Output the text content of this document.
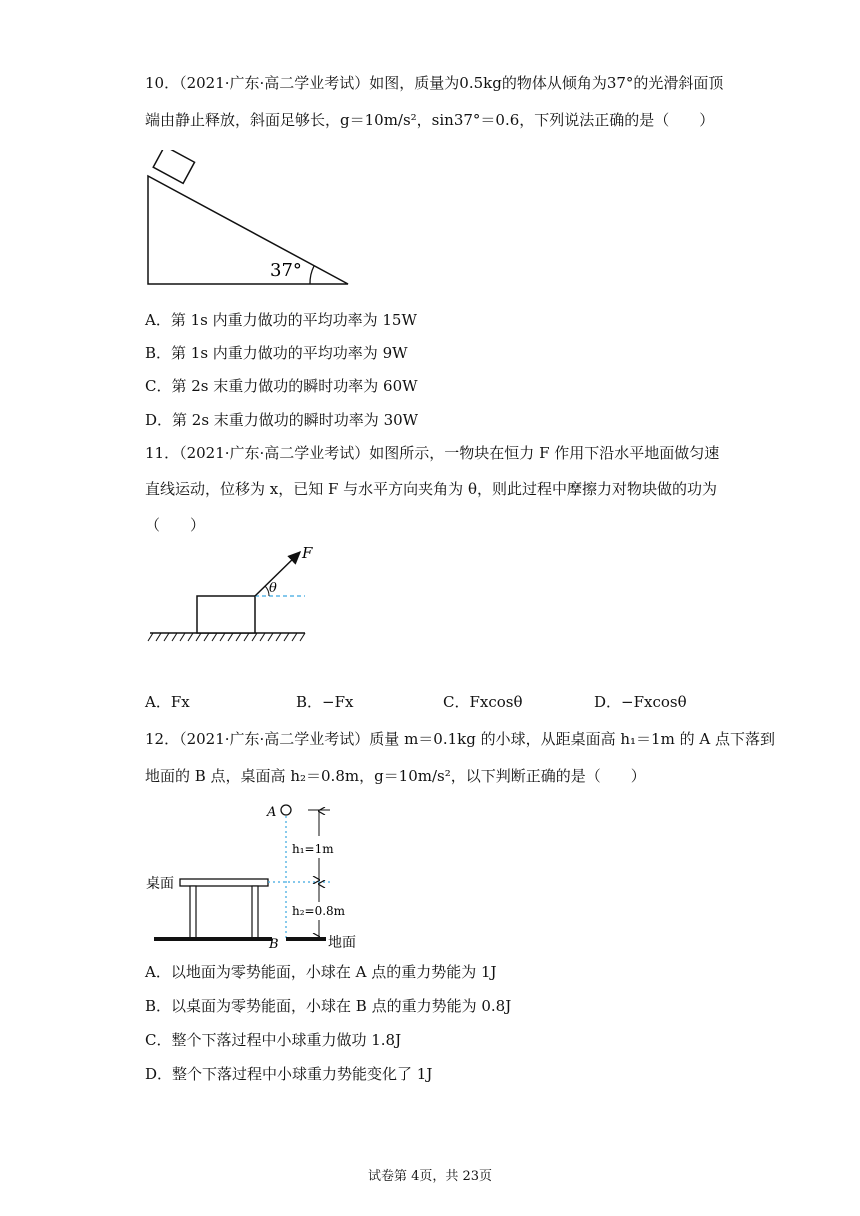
10．（2021·广东·高二学业考试）如图，质量为0.5kg的物体从倾角为37°的光滑斜面顶
端由静止释放，斜面足够长，g＝10m/s²，sin37°＝0.6，下列说法正确的是（　　）
37°
A．第 1s 内重力做功的平均功率为 15W
B．第 1s 内重力做功的平均功率为 9W
C．第 2s 末重力做功的瞬时功率为 60W
D．第 2s 末重力做功的瞬时功率为 30W
11．（2021·广东·高二学业考试）如图所示，一物块在恒力 F 作用下沿水平地面做匀速
直线运动，位移为 x，已知 F 与水平方向夹角为 θ，则此过程中摩擦力对物块做的功为
（　　）
F
θ
A．Fx	B．−Fx	C．Fxcosθ	D．−Fxcosθ
12．（2021·广东·高二学业考试）质量 m＝0.1kg 的小球，从距桌面高 h₁＝1m 的 A 点下落到
地面的 B 点，桌面高 h₂＝0.8m，g＝10m/s²，以下判断正确的是（　　）
A
B
桌面
地面
h₁=1m
h₂=0.8m
A．以地面为零势能面，小球在 A 点的重力势能为 1J
B．以桌面为零势能面，小球在 B 点的重力势能为 0.8J
C．整个下落过程中小球重力做功 1.8J
D．整个下落过程中小球重力势能变化了 1J
试卷第 4页，共 23页
